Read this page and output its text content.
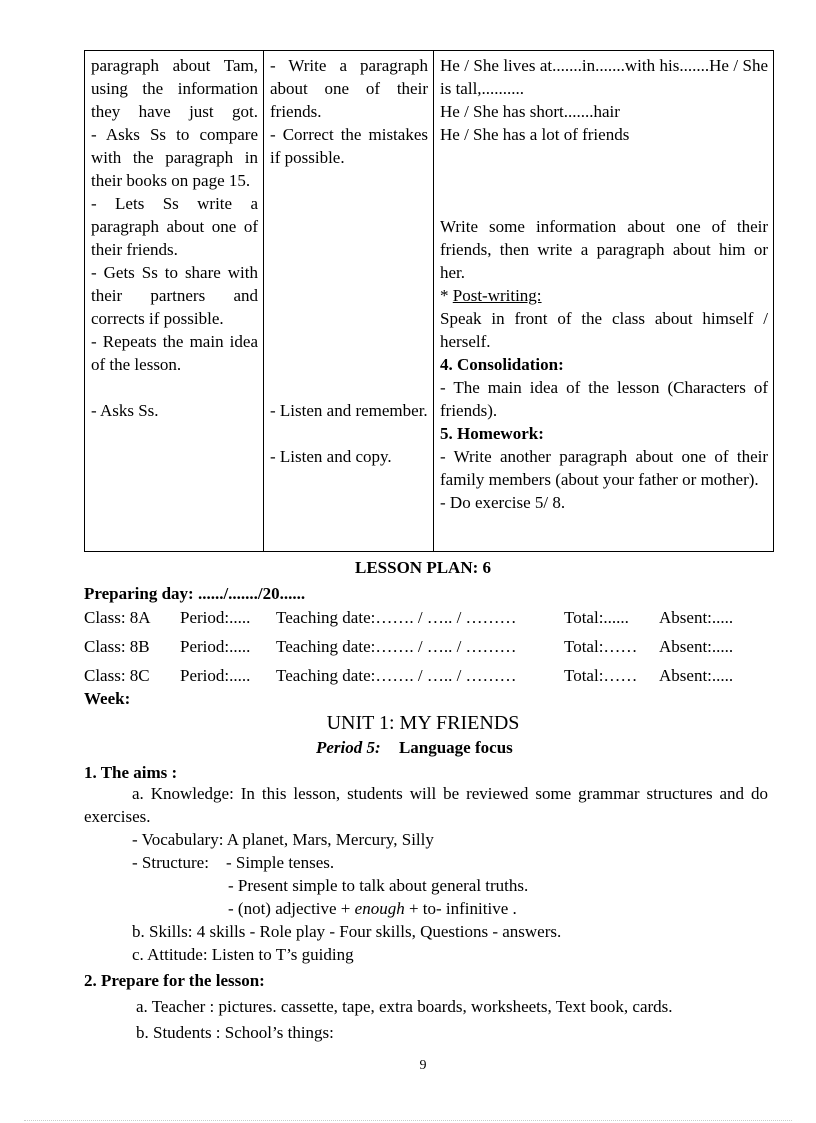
paragraph about Tam, using the information they have just got.
- Asks Ss to compare with the paragraph in their books on page 15.
- Lets Ss write a paragraph about one of their friends.
- Gets Ss to share with their partners and corrects if possible.
- Repeats the main idea of the lesson.
- Asks Ss.

- Write a paragraph about one of their friends.
- Correct the mistakes if possible.
- Listen and remember.
- Listen and copy.

He / She lives at.......in.......with his.......He / She is tall,..........
He / She has short.......hair
He / She has a lot of friends
Write some information about one of their friends, then write a paragraph about him or her.
* Post-writing:
Speak in front of the class about himself / herself.
4. Consolidation:
- The main idea of the lesson (Characters of friends).
5. Homework:
- Write another paragraph about one of their family members (about your father or mother).
- Do exercise 5/ 8.
LESSON PLAN: 6
Preparing day: ....../......./20......
Class: 8A Period:..... Teaching date:……. / ….. / ………	Total:...... Absent:.....
Class: 8B Period:..... Teaching date:……. / ….. / ………	Total:…… Absent:.....
Class: 8C Period:..... Teaching date:……. / ….. / ………	Total:…… Absent:.....
Week:
UNIT 1: MY FRIENDS
Period 5: Language focus
1. The aims :
a. Knowledge: In this lesson, students will be reviewed some grammar structures and do exercises.
- Vocabulary: A planet, Mars, Mercury, Silly
- Structure: - Simple tenses.
- Present simple to talk about general truths.
- (not) adjective + enough + to- infinitive .
b. Skills: 4 skills - Role play - Four skills, Questions - answers.
c. Attitude: Listen to T’s guiding
2. Prepare for the lesson:
a. Teacher : pictures. cassette, tape, extra boards, worksheets, Text book, cards.
b. Students : School’s things:
9
